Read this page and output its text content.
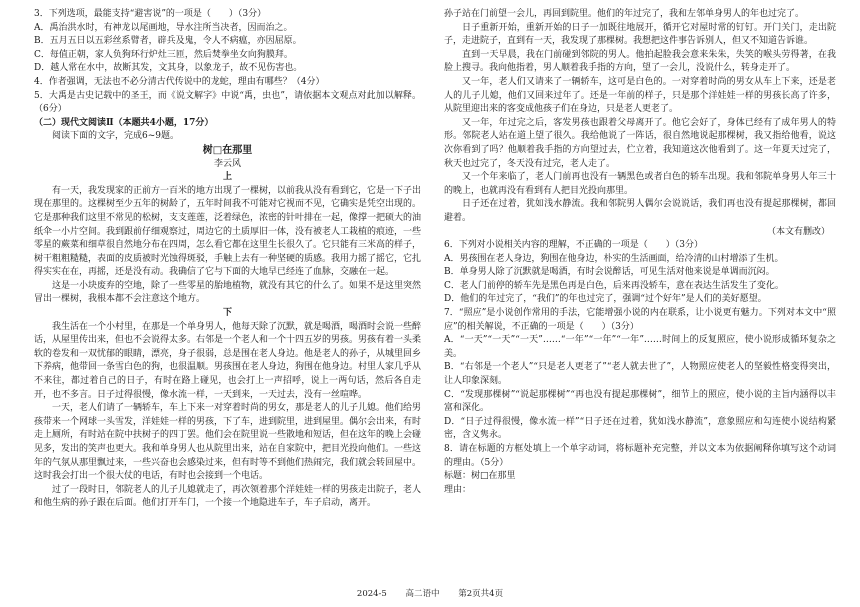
3．下列选项，最能支持“避害说”的一项是（　　）（3分）
A．禹治洪水时，有神龙以尾画地，导水注所当决者，因而治之。
B．五月五日以五彩丝系臂者，辟兵及鬼，令人不病瘟，亦因屈原。
C．每值正朝，家人负狗环行炉灶三匝，然后焚拳坐女向狗膜拜。
D．越人常在水中，故断其发，文其身，以象龙子，故不见伤害也。
4．作者强调，无法也不必分清古代传说中的龙蛇，理由有哪些？（4分）

5．大禹是古史记载中的圣王，而《说文解字》中说“禹，虫也”，请依据本文观点对此加以解释。（6分）

（二）现代文阅读Ⅱ（本题共4小题，17分）
阅读下面的文字，完成6~9题。
树□在那里
李云风
上

有一天，我发现家的正前方一百米的地方出现了一棵树，以前我从没有看到它，它是一下子出现在那里的。这棵树至少五年的树龄了，五年时间我不可能对它视而不见，它确实是凭空出现的。它是那种我们这里不常见的松树，支支莲莲，泛着绿色，浓密的针叶排在一起，像撑一把硕大的油纸伞一小片空间。我到跟前仔细观察过，周边它的土质厚旧一体，没有被老人工栽植的痕迹，一些零星的蕨菜和细草很自然地分布在四周，怎么看它都在这里生长很久了。它只能有三米高的样子，树干粗粗糙糙，表面的皮质被时光蚀得斑驳，手触上去有一种坚硬的质感。我用力摇了摇它，它扎得实实在在，再摇，还是没有动。我确信了它与下面的大地早已经连了血脉，交融在一起。

这是一小块废弃的空地，除了一些零星的胎地植物，就没有其它的什么了。如果不是这里突然冒出一棵树，我根本都不会注意这个地方。

下

我生活在一个小村里，在那是一个单身男人，他每天除了沉默，就是喝酒，喝酒时会说一些醉话，从屋里传出来，但也不会说得太多。右邻是一个老人和一个十四五岁的男孩。男孩有着一头柔软的卷发和一双忧郁的眼睛，漂亮，身子很弱，总是围在老人身边。他是老人的孙子，从城里回乡下养病，他带回一条雪白色的狗，也很温顺。男孩围在老人身边，狗围在他身边。村里人家几乎从不来往，都过着自己的日子，有时在路上碰见，也会打上一声招呼，说上一两句话，然后各自走开，也不多言。日子过得很慢，像水流一样，一天到来，一天过去，没有一丝喧哗。

一天，老人们请了一辆轿车，车上下来一对穿着时尚的男女，那是老人的儿子儿媳。他们给男孩带来一个网球一头雪发，洋娃娃一样的男孩，下了车，进到院里，进到屋里。偶尔会出来，有时走上厕所，有时站在院中扶树子的四丁罢。他们会在院里说一些散地和短话，但在这年的晚上会碰见多，发出的笑声也更大。我和单身男人也从院里出来，站在自家院中，把目光投向他们。一些这年的气氛从那里飘过来，一些兴奋也会感染过来，但有时等不到他们热闹完，我们就会转回屋中。这时我会打出一个很大仗的电话，有时也会接到一个电话。

过了一段时日，邻院老人的儿子儿媳就走了，再次领着那个洋娃娃一样的男孩走出院子，老人和他生病的孙子跟在后面。他们打开车门，一个接一个地隐进车子，车子启动，离开。

孙子站在门前望一会儿，再回到院里。他们的年过完了，我和左邻单身男人的年也过完了。

日子重新开始，重新开始的日子一加既往地展开，循开它对屋时常的钉钉。开门关门，走出院子，走进院子，直到有一天，我发现了那棵树。我想把这件事告诉别人，但又不知道告诉谁。

直到一天早晨，我在门前碰到邻院的男人。他拍起脸我会意来朱朱，失笑的喉头劳得著，在我脸上搜寻。我向他指着，男人顺着我手指的方向，望了一会儿，没说什么，转身走开了。

又一年，老人们又请来了一辆轿车，这可是白色的。一对穿着时尚的男女从车上下来，还是老人的儿子儿媳，他们又回来过年了。还是一年前的样子，只是那个洋娃娃一样的男孩长高了许多，从院里迎出来的客变成他孩子们在身边，只是老人更老了。

又一年，年过完之后，客发男孩也跟着父母离开了。他它会好了，身体已经有了成年男人的特形。邻院老人站在道上望了很久。我给他说了一阵话，很自然地说起那棵树，我又指给他看，说这次你看到了吗？他顺着我手指的方向望过去，伫立着，我知道这次他看到了。这一年夏天过完了，秋天也过完了，冬天没有过完，老人走了。

又一个年来临了，老人门前再也没有一辆黑色或者白色的轿车出现。我和邻院单身男人年三十的晚上，也就再没有看到有人把目光投向那里。

日子还在过着，犹如浅水静流。我和邻院男人偶尔会说说话，我们再也没有提起那棵树，都回避着。

（本文有删改）
6．下列对小说相关内容的理解，不正确的一项是（　　）（3分）
A．男孩围在老人身边，狗围在他身边，朴实的生活画面，给冷清的山村增添了生机。
B．单身男人除了沉默就是喝酒，有时会说醉话，可见生活对他来说是单调而沉闷。
C．老人门前停的轿车先是黑色再是白色，后来再没轿车，意在表达生活发生了变化。
D．他们的年过完了，“我们”的年也过完了，强调“过个好年”是人们的美好愿望。

7．“照应”是小说创作常用的手法，它能增强小说的内在联系，让小说更有魅力。下列对本文中“照应”的相关解说，不正确的一项是（　　）（3分）

A．“一天”“一天”“一天”……“一年”“一年”“一年”……时间上的反复照应，使小说形成循环复杂之美。

B．“右邻是一个老人”“只是老人更老了”“老人就去世了”，人物照应使老人的坚毅性格变得突出，让人印象深刻。

C．“发现那棵树”“说起那棵树”“再也没有提起那棵树”，细节上的照应，使小说的主旨内涵得以丰富和深化。

D．“日子过得很慢，像水流一样”“日子还在过着，犹如浅水静流”，意象照应和勾连使小说结构紧密，含义隽永。

8．请在标题的方框处填上一个单字动词，将标题补充完整，并以文本为依据阐释你填写这个动词的理由。（5分）

标题：树□在那里
理由：
2024-5 高二语中 第2页共4页
